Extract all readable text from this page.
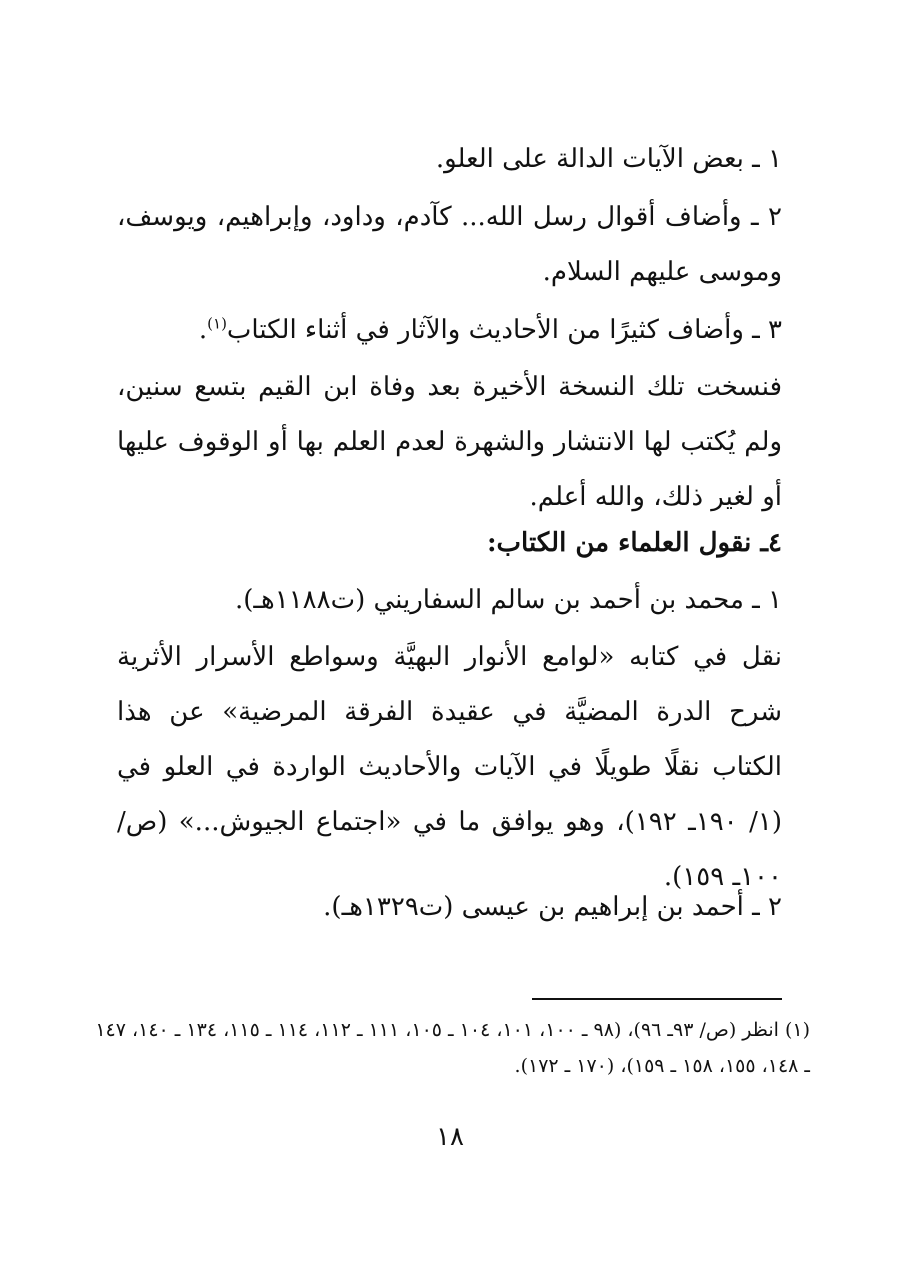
١ ـ بعض الآيات الدالة على العلو.

٢ ـ وأضاف أقوال رسل الله... كآدم، وداود، وإبراهيم، ويوسف، وموسى عليهم السلام.

٣ ـ وأضاف كثيرًا من الأحاديث والآثار في أثناء الكتاب$^{(١)}$.

فنسخت تلك النسخة الأخيرة بعد وفاة ابن القيم بتسع سنين، ولم يُكتب لها الانتشار والشهرة لعدم العلم بها أو الوقوف عليها أو لغير ذلك، والله أعلم.

٤ـ نقول العلماء من الكتاب:

١ ـ محمد بن أحمد بن سالم السفاريني (ت١١٨٨هـ).

نقل في كتابه «لوامع الأنوار البهيَّة وسواطع الأسرار الأثرية شرح الدرة المضيَّة في عقيدة الفرقة المرضية» عن هذا الكتاب نقلًا طويلًا في الآيات والأحاديث الواردة في العلو في (١/ ١٩٠ـ ١٩٢)، وهو يوافق ما في «اجتماع الجيوش...» (ص/ ١٠٠ـ ١٥٩).

٢ ـ أحمد بن إبراهيم بن عيسى (ت١٣٢٩هـ).

(١) انظر (ص/ ٩٣ـ ٩٦)، (٩٨ ـ ١٠٠، ١٠١، ١٠٤ ـ ١٠٥، ١١١ ـ ١١٢، ١١٤ ـ ١١٥، ١٣٤ ـ ١٤٠، ١٤٧ ـ ١٤٨، ١٥٥، ١٥٨ ـ ١٥٩)، (١٧٠ ـ ١٧٢).

١٨
